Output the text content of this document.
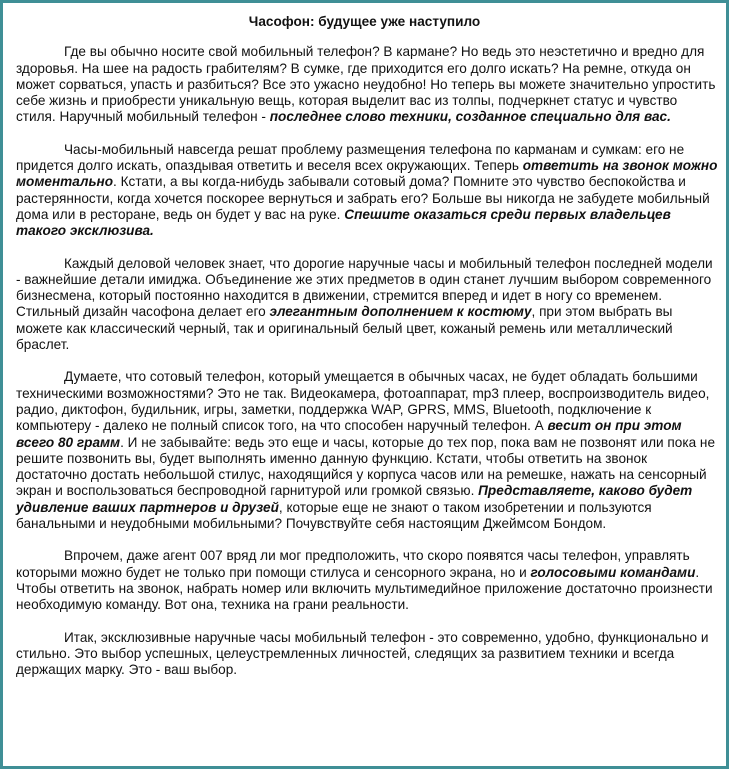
Часофон: будущее уже наступило

Где вы обычно носите свой мобильный телефон? В кармане? Но ведь это неэстетично и вредно для здоровья. На шее на радость грабителям? В сумке, где приходится его долго искать? На ремне, откуда он может сорваться, упасть и разбиться? Все это ужасно неудобно! Но теперь вы можете значительно упростить себе жизнь и приобрести уникальную вещь, которая выделит вас из толпы, подчеркнет статус и чувство стиля. Наручный мобильный телефон - последнее слово техники, созданное специально для вас.

Часы-мобильный навсегда решат проблему размещения телефона по карманам и сумкам: его не придется долго искать, опаздывая ответить и веселя всех окружающих. Теперь ответить на звонок можно моментально. Кстати, а вы когда-нибудь забывали сотовый дома? Помните это чувство беспокойства и растерянности, когда хочется поскорее вернуться и забрать его? Больше вы никогда не забудете мобильный дома или в ресторане, ведь он будет у вас на руке. Спешите оказаться среди первых владельцев такого эксклюзива.

Каждый деловой человек знает, что дорогие наручные часы и мобильный телефон последней модели - важнейшие детали имиджа. Объединение же этих предметов в один станет лучшим выбором современного бизнесмена, который постоянно находится в движении, стремится вперед и идет в ногу со временем. Стильный дизайн часофона делает его элегантным дополнением к костюму, при этом выбрать вы можете как классический черный, так и оригинальный белый цвет, кожаный ремень или металлический браслет.

Думаете, что сотовый телефон, который умещается в обычных часах, не будет обладать большими техническими возможностями? Это не так. Видеокамера, фотоаппарат, mp3 плеер, воспроизводитель видео, радио, диктофон, будильник, игры, заметки, поддержка WAP, GPRS, MMS, Bluetooth, подключение к компьютеру - далеко не полный список того, на что способен наручный телефон. А весит он при этом всего 80 грамм. И не забывайте: ведь это еще и часы, которые до тех пор, пока вам не позвонят или пока не решите позвонить вы, будет выполнять именно данную функцию. Кстати, чтобы ответить на звонок достаточно достать небольшой стилус, находящийся у корпуса часов или на ремешке, нажать на сенсорный экран и воспользоваться беспроводной гарнитурой или громкой связью. Представляете, каково будет удивление ваших партнеров и друзей, которые еще не знают о таком изобретении и пользуются банальными и неудобными мобильными? Почувствуйте себя настоящим Джеймсом Бондом.

Впрочем, даже агент 007 вряд ли мог предположить, что скоро появятся часы телефон, управлять которыми можно будет не только при помощи стилуса и сенсорного экрана, но и голосовыми командами. Чтобы ответить на звонок, набрать номер или включить мультимедийное приложение достаточно произнести необходимую команду. Вот она, техника на грани реальности.

Итак, эксклюзивные наручные часы мобильный телефон - это современно, удобно, функционально и стильно. Это выбор успешных, целеустремленных личностей, следящих за развитием техники и всегда держащих марку. Это - ваш выбор.
